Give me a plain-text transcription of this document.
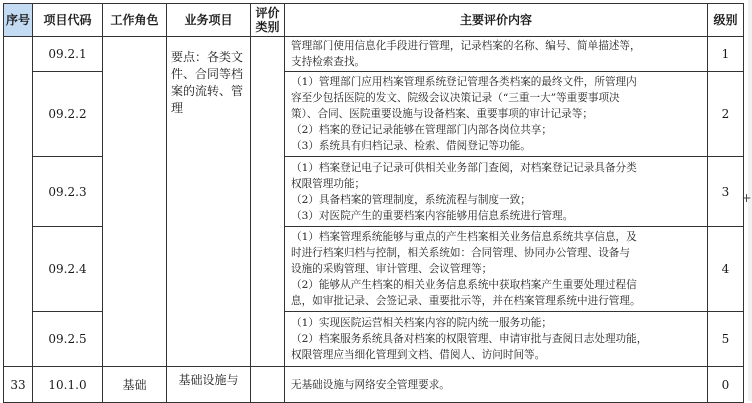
序号	项目代码	工作角色	业务项目	评价类别	主要评价内容	级别
	09.2.1		要点：各类文
件、合同等档
案的流转、管
理		管理部门使用信息化手段进行管理，记录档案的名称、编号、简单描述等，
支持检索查找。	1
	09.2.2				（1）管理部门应用档案管理系统登记管理各类档案的最终文件，所管理内
容至少包括医院的发文、院级会议决策记录（“三重一大”等重要事项决
策）、合同、医院重要设施与设备档案、重要事项的审计记录等；
（2）档案的登记记录能够在管理部门内部各岗位共享；
（3）系统具有归档记录、检索、借阅登记等功能。	2
	09.2.3				（1）档案登记电子记录可供相关业务部门查阅，对档案登记记录具备分类
权限管理功能；
（2）具备档案的管理制度，系统流程与制度一致；
（3）对医院产生的重要档案内容能够用信息系统进行管理。	3
	09.2.4				（1）档案管理系统能够与重点的产生档案相关业务信息系统共享信息，及
时进行档案归档与控制，相关系统如：合同管理、协同办公管理、设备与
设施的采购管理、审计管理、会议管理等；
（2）能够从产生档案的相关业务信息系统中获取档案产生重要处理过程信
息，如审批记录、会签记录、重要批示等，并在档案管理系统中进行管理。	4
	09.2.5				（1）实现医院运营相关档案内容的院内统一服务功能；
（2）档案服务系统具备对档案的权限管理、申请审批与查阅日志处理功能，
权限管理应当细化管理到文档、借阅人、访问时间等。	5
33	10.1.0	基础	基础设施与		无基础设施与网络安全管理要求。	0
+
